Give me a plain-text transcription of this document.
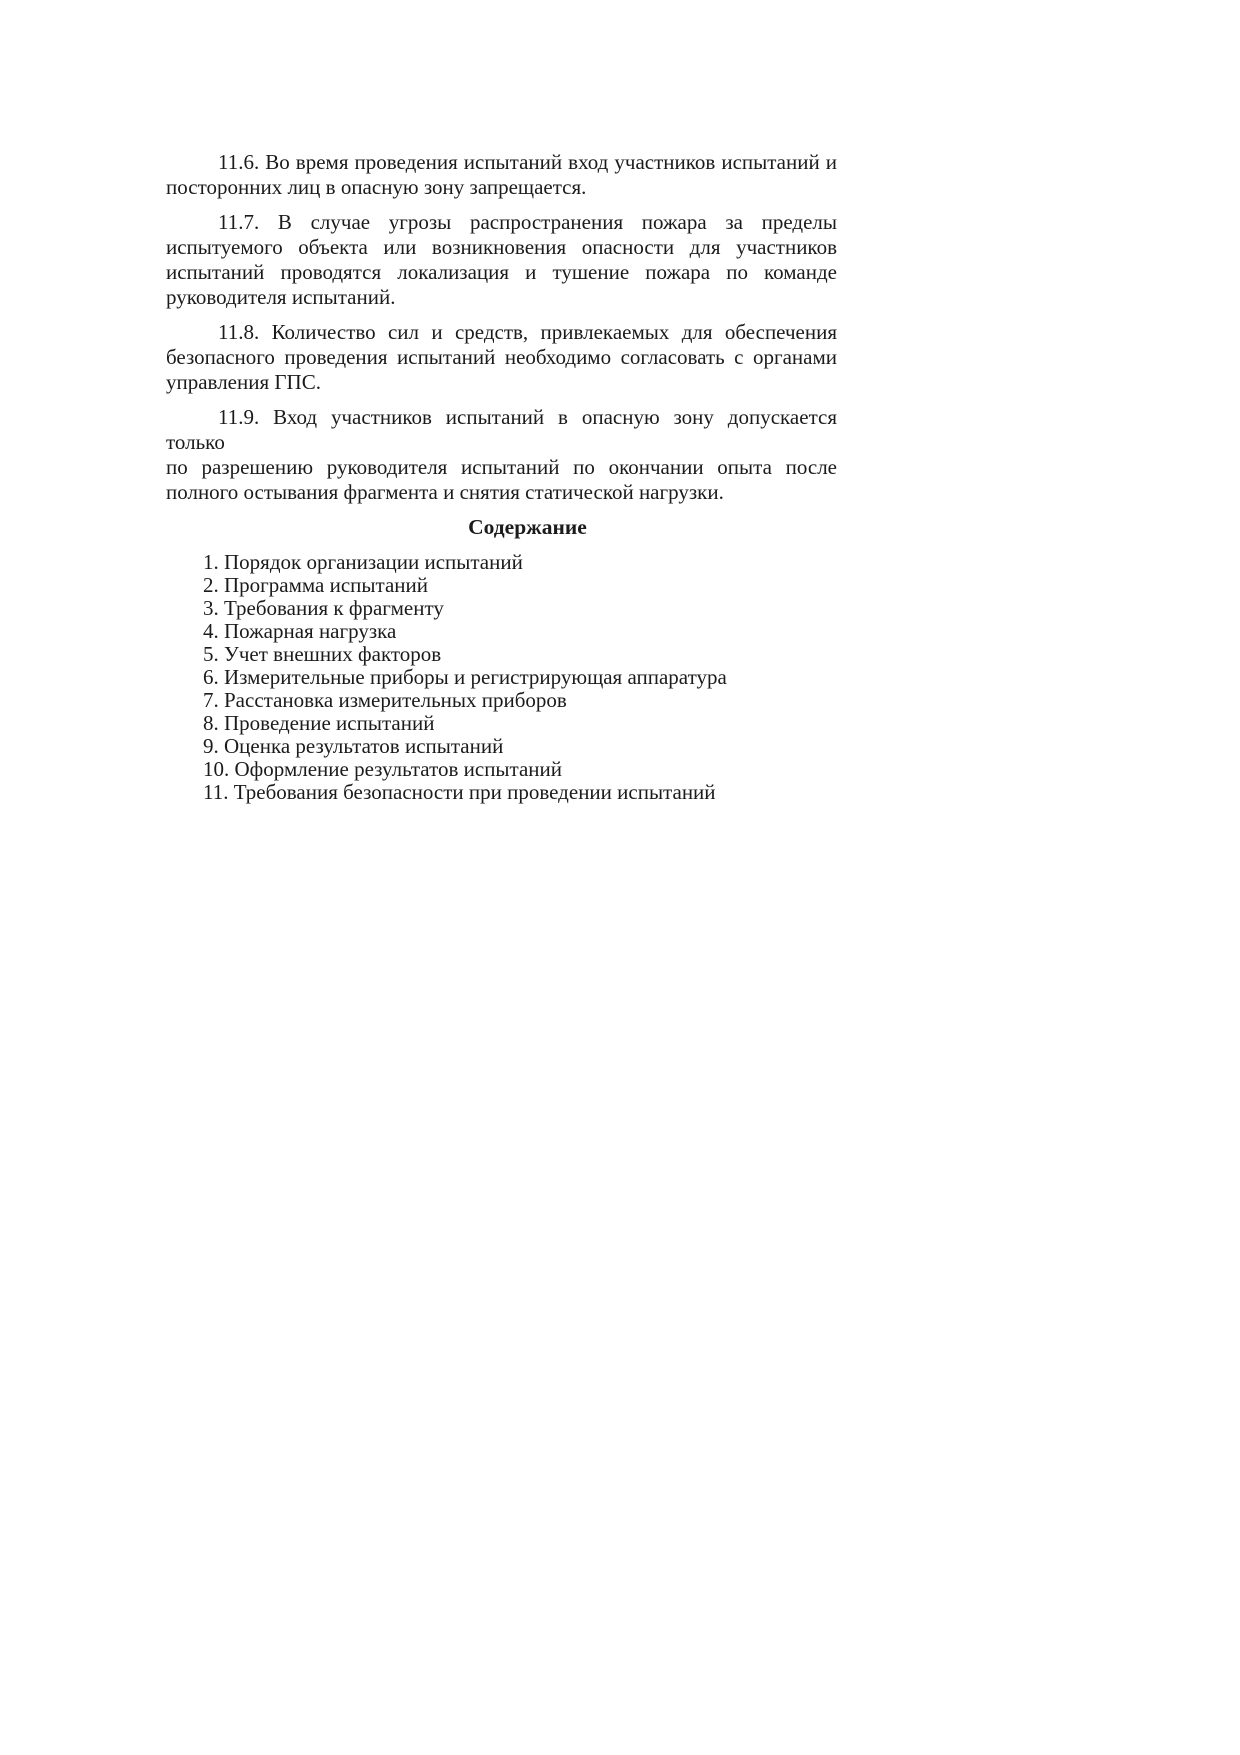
11.6. Во время проведения испытаний вход участников испытаний и
посторонних лиц в опасную зону запрещается.
11.7. В случае угрозы распространения пожара за пределы
испытуемого объекта или возникновения опасности для участников
испытаний проводятся локализация и тушение пожара по команде
руководителя испытаний.
11.8. Количество сил и средств, привлекаемых для обеспечения
безопасного проведения испытаний необходимо согласовать с органами
управления ГПС.
11.9. Вход участников испытаний в опасную зону допускается только
по разрешению руководителя испытаний по окончании опыта после
полного остывания фрагмента и снятия статической нагрузки.
Содержание
1. Порядок организации испытаний
2. Программа испытаний
3. Требования к фрагменту
4. Пожарная нагрузка
5. Учет внешних факторов
6. Измерительные приборы и регистрирующая аппаратура
7. Расстановка измерительных приборов
8. Проведение испытаний
9. Оценка результатов испытаний
10. Оформление результатов испытаний
11. Требования безопасности при проведении испытаний
